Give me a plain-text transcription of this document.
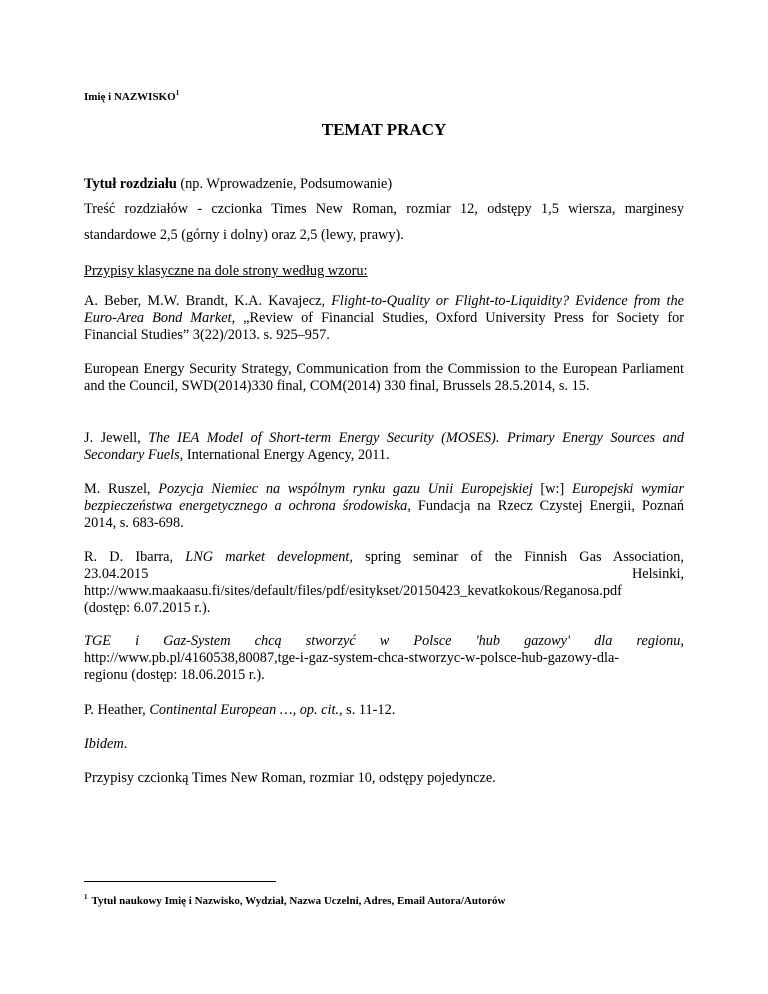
Imię i NAZWISKO$^1$
TEMAT PRACY
Tytuł rozdziału (np. Wprowadzenie, Podsumowanie)
Treść rozdziałów - czcionka Times New Roman, rozmiar 12, odstępy 1,5 wiersza, marginesy
standardowe 2,5 (górny i dolny) oraz 2,5 (lewy, prawy).
Przypisy klasyczne na dole strony według wzoru:
A. Beber, M.W. Brandt, K.A. Kavajecz, Flight-to-Quality or Flight-to-Liquidity? Evidence from the Euro-Area Bond Market, „Review of Financial Studies, Oxford University Press for Society for Financial Studies” 3(22)/2013. s. 925–957.
European Energy Security Strategy, Communication from the Commission to the European Parliament and the Council, SWD(2014)330 final, COM(2014) 330 final, Brussels 28.5.2014, s. 15.
J. Jewell, The IEA Model of Short-term Energy Security (MOSES). Primary Energy Sources and Secondary Fuels, International Energy Agency, 2011.
M. Ruszel, Pozycja Niemiec na wspólnym rynku gazu Unii Europejskiej [w:] Europejski wymiar bezpieczeństwa energetycznego a ochrona środowiska, Fundacja na Rzecz Czystej Energii, Poznań 2014, s. 683-698.
R. D. Ibarra, LNG market development, spring seminar of the Finnish Gas Association,
23.04.2015	Helsinki,
http://www.maakaasu.fi/sites/default/files/pdf/esitykset/20150423_kevatkokous/Reganosa.pdf
(dostęp: 6.07.2015 r.).
TGE i Gaz-System chcą stworzyć w Polsce 'hub gazowy' dla regionu,
http://www.pb.pl/4160538,80087,tge-i-gaz-system-chca-stworzyc-w-polsce-hub-gazowy-dla-
regionu (dostęp: 18.06.2015 r.).
P. Heather, Continental European …, op. cit., s. 11-12.
Ibidem.
Przypisy czcionką Times New Roman, rozmiar 10, odstępy pojedyncze.
$^1$ Tytuł naukowy Imię i Nazwisko, Wydział, Nazwa Uczelni, Adres, Email Autora/Autorów
